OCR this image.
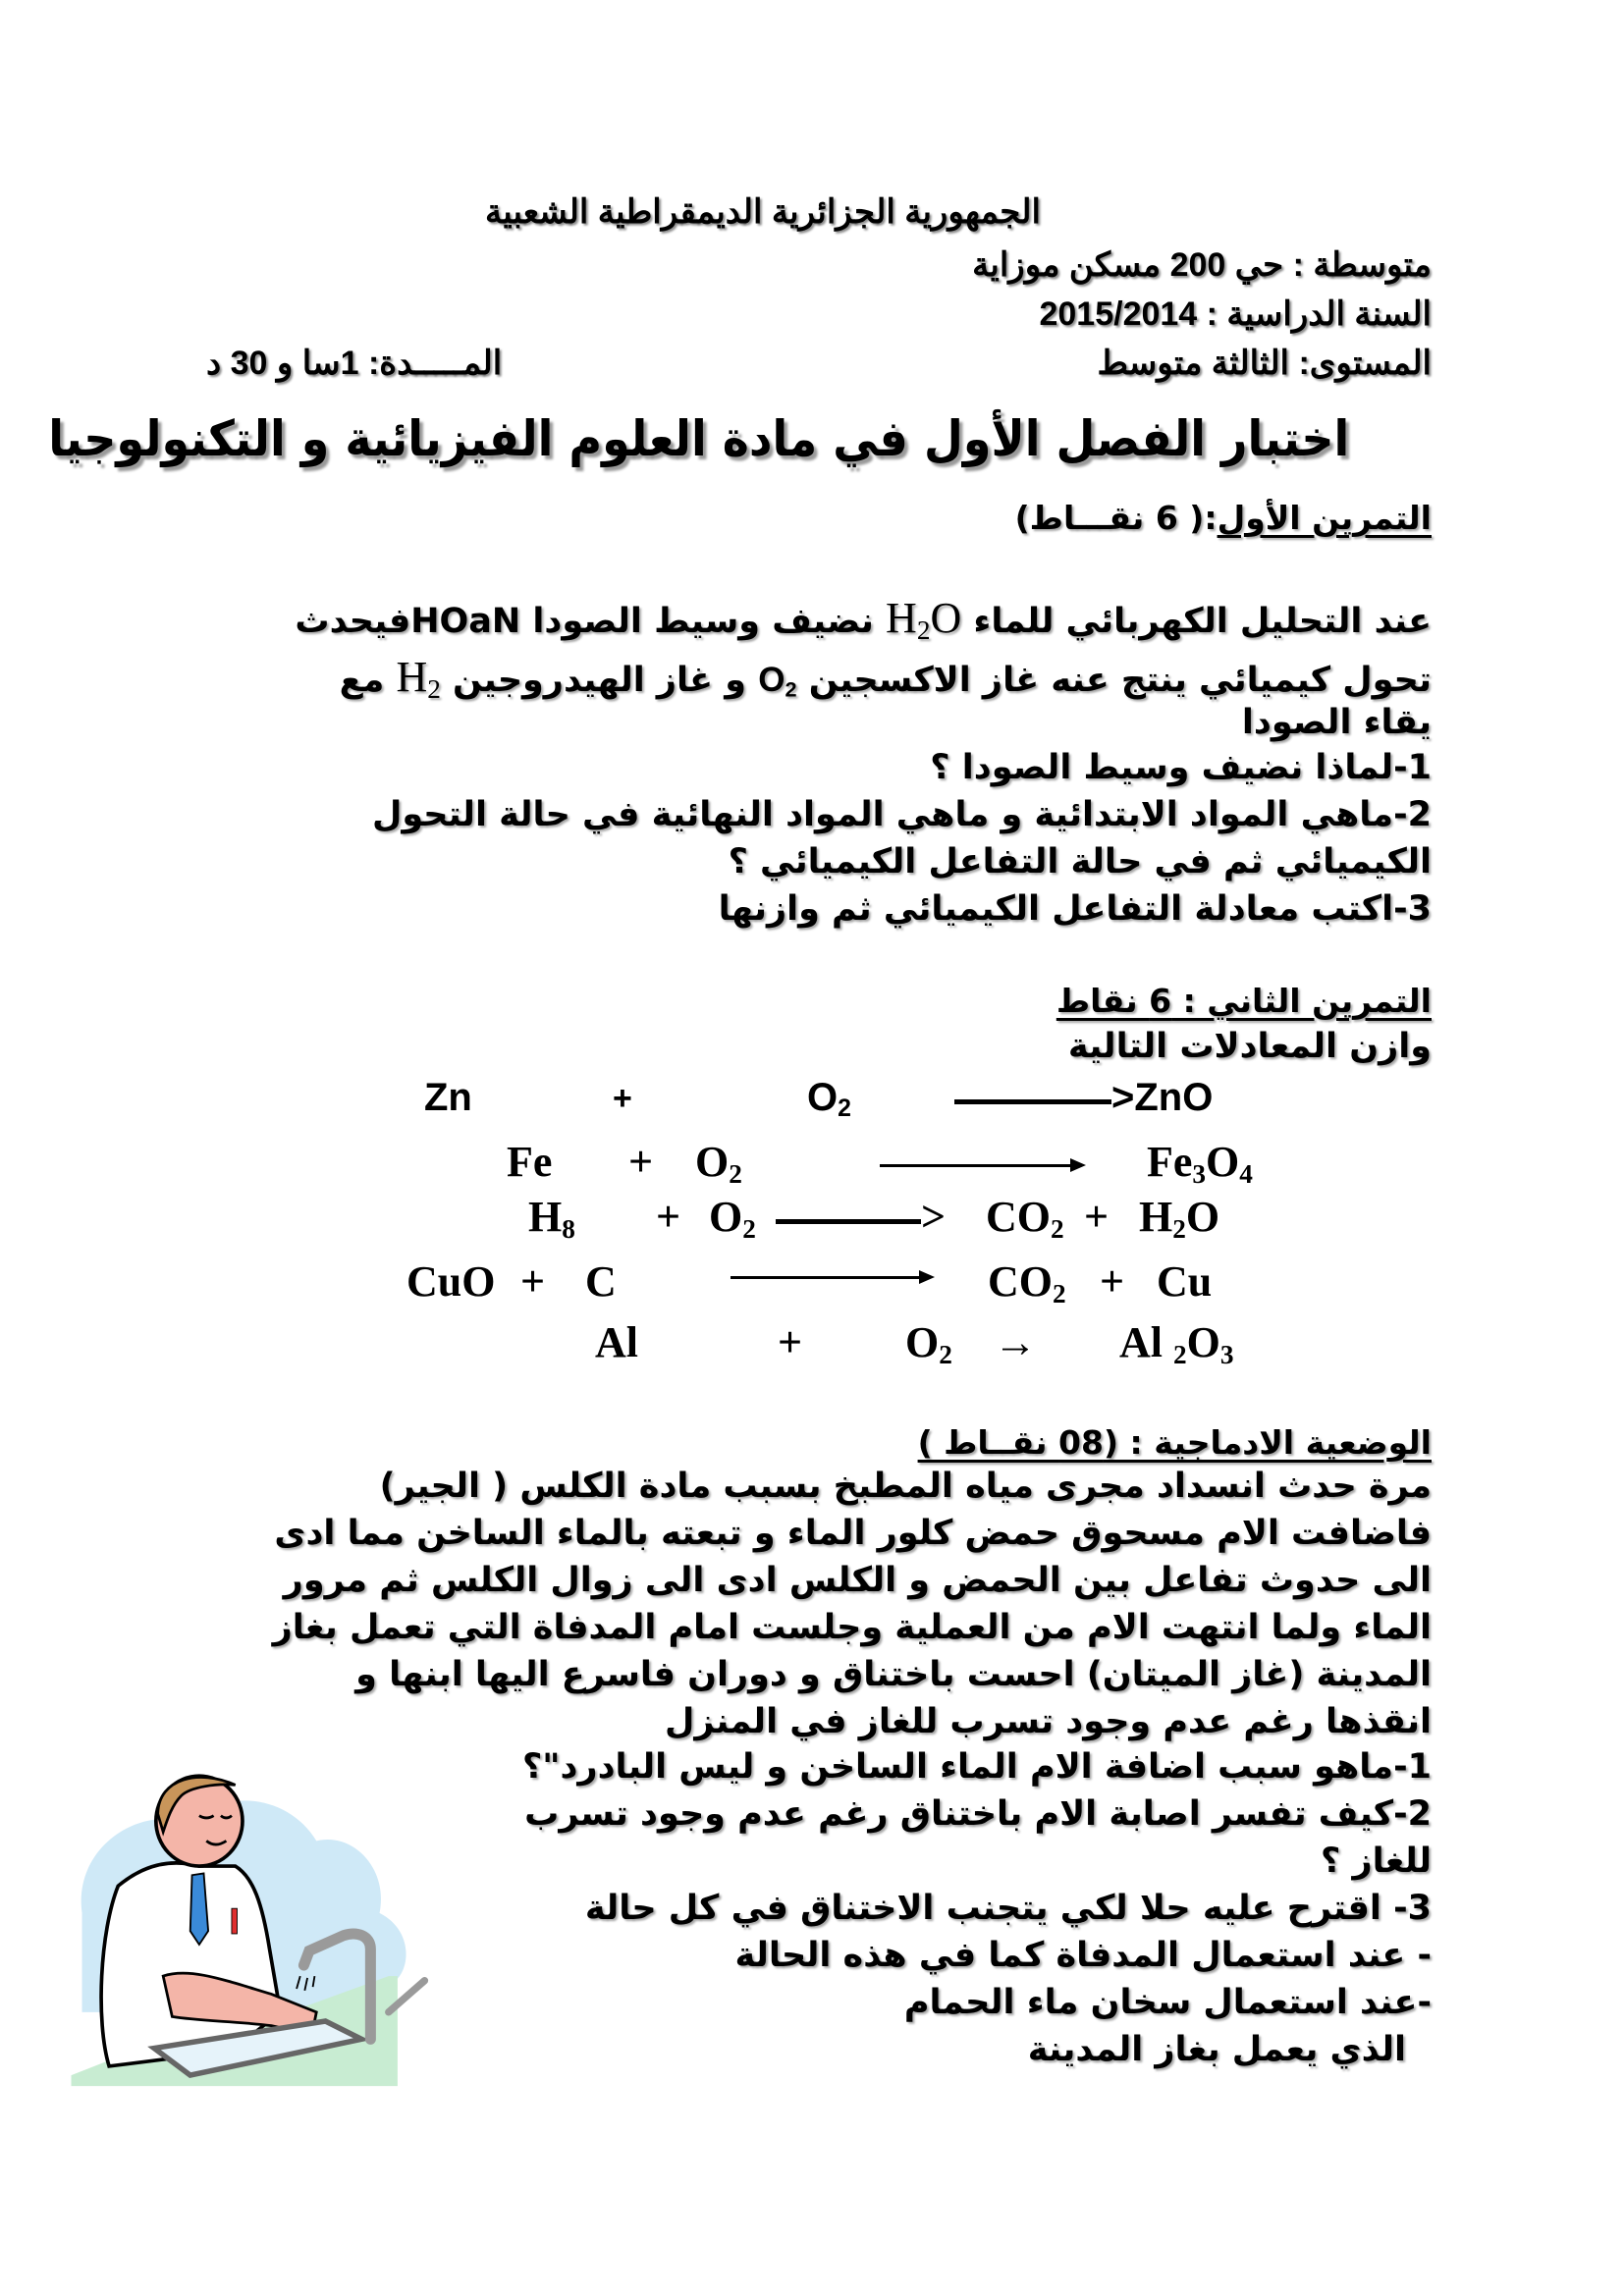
الجمهورية الجزائرية الديمقراطية الشعبية
متوسطة : حي 200 مسكن موزاية
السنة الدراسية : 2015/2014
المستوى: الثالثة متوسط
المـــــدة: 1سا و 30 د
اختبار الفصل الأول في مادة العلوم الفيزيائية و التكنولوجيا
التمرين الأول:( 6 نقـــاط)
عند التحليل الكهربائي للماء $H_2O$ نضيف وسيط الصودا HOaNفيحدث
تحول كيميائي ينتج عنه غاز الاكسجين $O_2$ و غاز الهيدروجين $H_2$ مع
يقاء الصودا
1-لماذا نضيف وسيط الصودا ؟
2-ماهي المواد الابتدائية و ماهي المواد النهائية في حالة التحول
الكيميائي ثم في حالة التفاعل الكيميائي ؟
3-اكتب معادلة التفاعل الكيميائي ثم وازنها
التمرين الثاني : 6 نقاط
وازن المعادلات التالية
Zn	+	$O_2$	>ZnO
$Fe + O_2$	$Fe_3O_4$
$H_8 + O_2$	> $CO_2 + H_2O$
CuO + C	$CO_2 + Cu$
Al	+ $O_2 \to Al$ $_2O_3$
الوضعية الادماجية : (08 نقــاط )
مرة حدث انسداد مجرى مياه المطبخ بسبب مادة الكلس ( الجير)
فاضافت الام مسحوق حمض كلور الماء و تبعته بالماء الساخن مما ادى
الى حدوث تفاعل بين الحمض و الكلس ادى الى زوال الكلس ثم مرور
الماء ولما انتهت الام من العملية وجلست امام المدفاة التي تعمل بغاز
المدينة (غاز الميتان) احست باختناق و دوران فاسرع اليها ابنها و
انقذها رغم عدم وجود تسرب للغاز في المنزل
1-ماهو سبب اضافة الام الماء الساخن و ليس البادرد"؟
2-كيف تفسر اصابة الام باختناق رغم عدم وجود تسرب
للغاز ؟
3- اقترح عليه حلا لكي يتجنب الاختناق في كل حالة
- عند استعمال المدفاة كما في هذه الحالة
-عند استعمال سخان ماء الحمام
الذي يعمل بغاز المدينة
